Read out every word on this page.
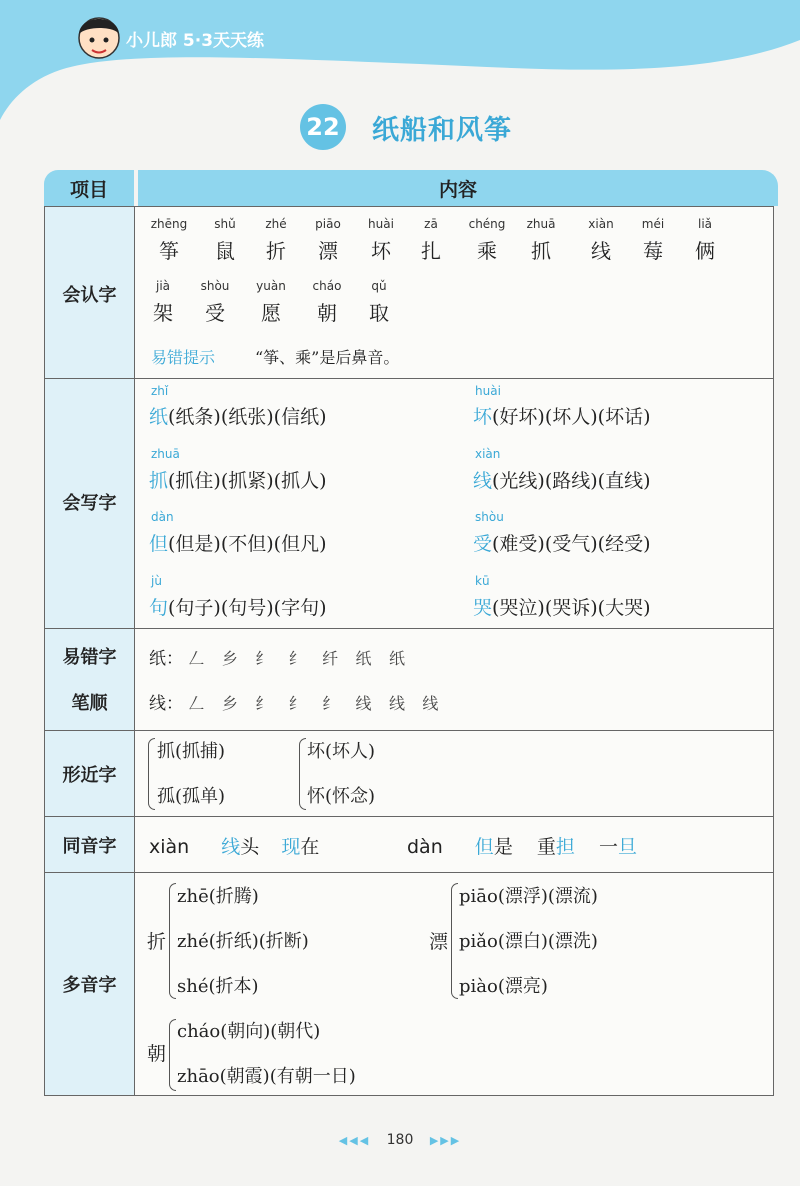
小儿郎 5·3天天练
22 纸船和风筝
项目	内容
会认字
会写字
易错字
笔顺
形近字
同音字
多音字
zhēng
筝
shǔ
鼠
zhé
折
piāo
漂
huài
坏
zā
扎
chéng
乘
zhuā
抓
xiàn
线
méi
莓
liǎ
俩
jià
架
shòu
受
yuàn
愿
cháo
朝
qǔ
取
易错提示 “筝、乘”是后鼻音。
zhǐ
纸(纸条)(纸张)(信纸)
huài
坏(好坏)(坏人)(坏话)
zhuā
抓(抓住)(抓紧)(抓人)
xiàn
线(光线)(路线)(直线)
dàn
但(但是)(不但)(但凡)
shòu
受(难受)(受气)(经受)
jù
句(句子)(句号)(字句)
kū
哭(哭泣)(哭诉)(大哭)
纸： 𠃋 乡 纟 纟 纤 纸 纸
线： 𠃋 乡 纟 纟 纟 线 线 线
抓(抓捕)
孤(孤单)
坏(坏人)
怀(怀念)
xiàn 线头 现在	dàn 但是 重担 一旦
折
zhē(折腾)
zhé(折纸)(折断)
shé(折本)
漂
piāo(漂浮)(漂流)
piǎo(漂白)(漂洗)
piào(漂亮)
朝
cháo(朝向)(朝代)
zhāo(朝霞)(有朝一日)
◀◀◀ 180 ▶▶▶
